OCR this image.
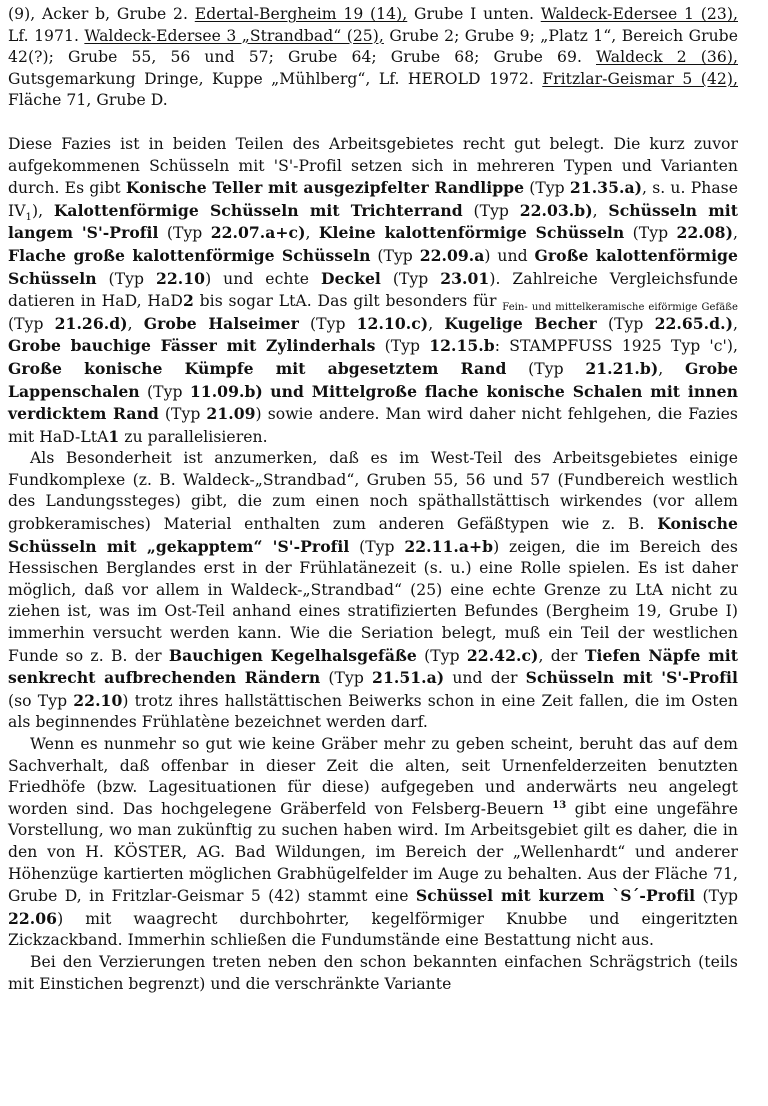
(9), Acker b, Grube 2. Edertal-Bergheim 19 (14), Grube I unten. Waldeck-Edersee 1 (23), Lf. 1971. Waldeck-Edersee 3 „Strandbad“ (25), Grube 2; Grube 9; „Platz 1“, Bereich Grube 42(?); Grube 55, 56 und 57; Grube 64; Grube 68; Grube 69. Waldeck 2 (36), Gutsgemarkung Dringe, Kuppe „Mühlberg“, Lf. HEROLD 1972. Fritzlar-Geismar 5 (42), Fläche 71, Grube D.

Diese Fazies ist in beiden Teilen des Arbeitsgebietes recht gut belegt. Die kurz zuvor aufgekommenen Schüsseln mit 'S'-Profil setzen sich in mehreren Typen und Varianten durch. Es gibt Konische Teller mit ausgezipfelter Randlippe (Typ 21.35.a), s. u. Phase $IV_1$), Kalottenförmige Schüsseln mit Trichterrand (Typ 22.03.b), Schüsseln mit langem 'S'-Profil (Typ 22.07.a+c), Kleine kalottenförmige Schüsseln (Typ 22.08), Flache große kalottenförmige Schüsseln (Typ 22.09.a) und Große kalottenförmige Schüsseln (Typ 22.10) und echte Deckel (Typ 23.01). Zahlreiche Vergleichsfunde datieren in HaD, HaD2 bis sogar LtA. Das gilt besonders für $_{Fein- und mittelkeramische eiförmige Gefäße}$ (Typ 21.26.d), Grobe Halseimer (Typ 12.10.c), Kugelige Becher (Typ 22.65.d.), Grobe bauchige Fässer mit Zylinderhals (Typ 12.15.b: STAMPFUSS 1925 Typ 'c'), Große konische Kümpfe mit abgesetztem Rand (Typ 21.21.b), Grobe Lappenschalen (Typ 11.09.b) und Mittelgroße flache konische Schalen mit innen verdicktem Rand (Typ 21.09) sowie andere. Man wird daher nicht fehlgehen, die Fazies mit HaD-LtA1 zu parallelisieren.

Als Besonderheit ist anzumerken, daß es im West-Teil des Arbeitsgebietes einige Fundkomplexe (z. B. Waldeck-„Strandbad“, Gruben 55, 56 und 57 (Fundbereich westlich des Landungssteges) gibt, die zum einen noch späthallstättisch wirkendes (vor allem grobkeramisches) Material enthalten zum anderen Gefäßtypen wie z. B. Konische Schüsseln mit „gekapptem“ 'S'-Profil (Typ 22.11.a+b) zeigen, die im Bereich des Hessischen Berglandes erst in der Frühlatänezeit (s. u.) eine Rolle spielen. Es ist daher möglich, daß vor allem in Waldeck-„Strandbad“ (25) eine echte Grenze zu LtA nicht zu ziehen ist, was im Ost-Teil anhand eines stratifizierten Befundes (Bergheim 19, Grube I) immerhin versucht werden kann. Wie die Seriation belegt, muß ein Teil der westlichen Funde so z. B. der Bauchigen Kegelhalsgefäße (Typ 22.42.c), der Tiefen Näpfe mit senkrecht aufbrechenden Rändern (Typ 21.51.a) und der Schüsseln mit 'S'-Profil (so Typ 22.10) trotz ihres hallstättischen Beiwerks schon in eine Zeit fallen, die im Osten als beginnendes Frühlatène bezeichnet werden darf.

Wenn es nunmehr so gut wie keine Gräber mehr zu geben scheint, beruht das auf dem Sachverhalt, daß offenbar in dieser Zeit die alten, seit Urnenfelderzeiten benutzten Friedhöfe (bzw. Lagesituationen für diese) aufgegeben und anderwärts neu angelegt worden sind. Das hochgelegene Gräberfeld von Felsberg-Beuern $^{13}$ gibt eine ungefähre Vorstellung, wo man zukünftig zu suchen haben wird. Im Arbeitsgebiet gilt es daher, die in den von H. KÖSTER, AG. Bad Wildungen, im Bereich der „Wellenhardt“ und anderer Höhenzüge kartierten möglichen Grabhügelfelder im Auge zu behalten. Aus der Fläche 71, Grube D, in Fritzlar-Geismar 5 (42) stammt eine Schüssel mit kurzem `S´-Profil (Typ 22.06) mit waagrecht durchbohrter, kegelförmiger Knubbe und eingeritzten Zickzackband. Immerhin schließen die Fundumstände eine Bestattung nicht aus.

Bei den Verzierungen treten neben den schon bekannten einfachen Schrägstrich (teils mit Einstichen begrenzt) und die verschränkte Variante
